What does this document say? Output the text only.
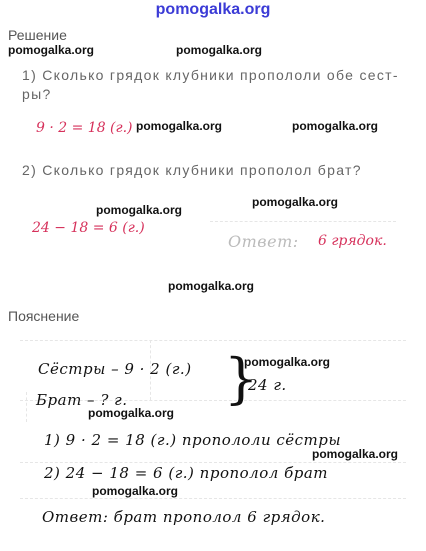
pomogalka.org
Решение
pomogalka.org	pomogalka.org
1) Сколько грядок клубники пропололи обе сест-
ры?
9 · 2 = 18 (г.) pomogalka.org	pomogalka.org
2) Сколько грядок клубники прополол брат?
pomogalka.org
pomogalka.org
24 − 18 = 6 (г.)
Ответ: 6 грядок.
pomogalka.org
Пояснение
Сёстры – 9 · 2 (г.) }
24 г.
pomogalka.org
Брат – ? г.
pomogalka.org
1) 9 · 2 = 18 (г.) пропололи сёстры
pomogalka.org
2) 24 − 18 = 6 (г.) прополол брат
pomogalka.org
Ответ: брат прополол 6 грядок.
